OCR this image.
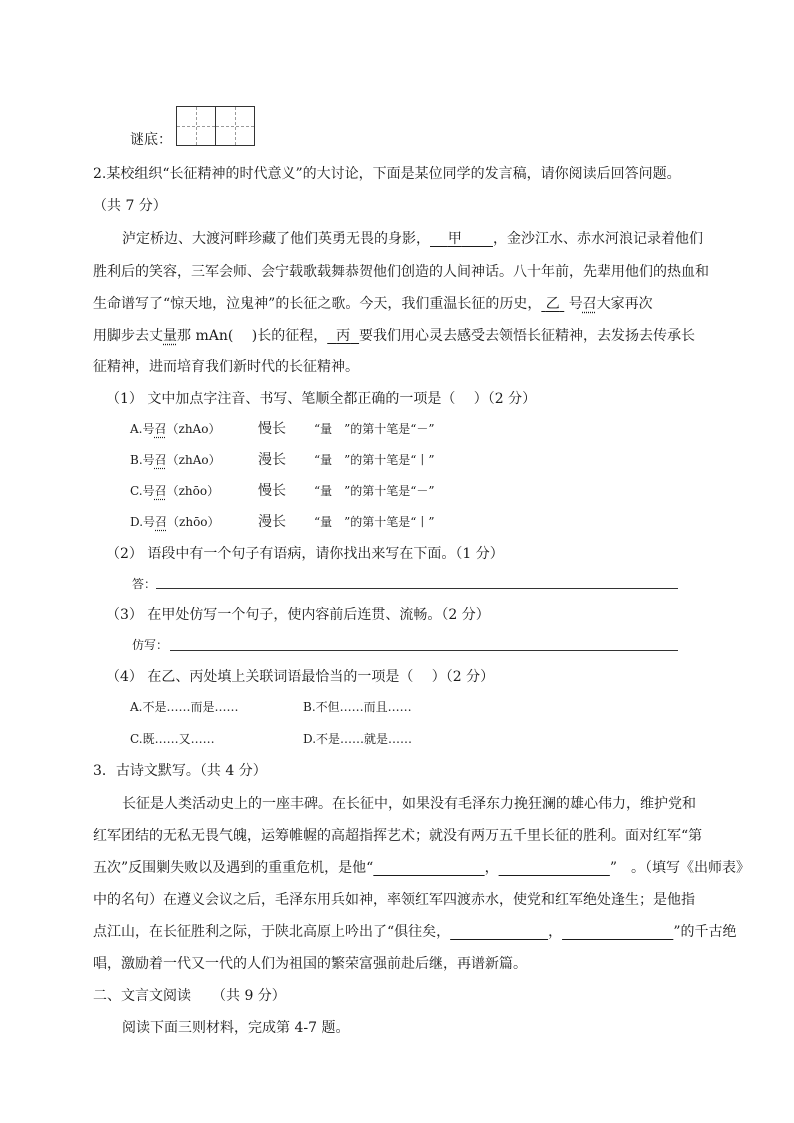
谜底：
2.某校组织“长征精神的时代意义”的大讨论，下面是某位同学的发言稿，请你阅读后回答问题。
（共 7 分）
泸定桥边、大渡河畔珍藏了他们英勇无畏的身影， 甲 ，金沙江水、赤水河浪记录着他们
胜利后的笑容，三军会师、会宁载歌载舞恭贺他们创造的人间神话。八十年前，先辈用他们的热血和
生命谱写了“惊天地，泣鬼神”的长征之歌。今天，我们重温长征的历史， 乙 号召大家再次
用脚步去丈量那 mAn(　 )长的征程， 丙 要我们用心灵去感受去领悟长征精神，去发扬去传承长
征精神，进而培育我们新时代的长征精神。
（1） 文中加点字注音、书写、笔顺全都正确的一项是（　 ）（2 分）
A.号召（zhAo）	慢长 “量　”的第十笔是“－”
B.号召（zhAo）	漫长 “量　”的第十笔是“丨”
C.号召（zhōo）	慢长 “量　”的第十笔是“－”
D.号召（zhōo）	漫长 “量　”的第十笔是“丨”
（2） 语段中有一个句子有语病，请你找出来写在下面。（1 分）
答：
（3） 在甲处仿写一个句子，使内容前后连贯、流畅。（2 分）
仿写：
（4） 在乙、丙处填上关联词语最恰当的一项是（　 ）（2 分）
A.不是……而是……	B.不但……而且……
C.既……又……	D.不是……就是……
3．古诗文默写。（共 4 分）
长征是人类活动史上的一座丰碑。在长征中，如果没有毛泽东力挽狂澜的雄心伟力，维护党和
红军团结的无私无畏气魄，运筹帷幄的高超指挥艺术；就没有两万五千里长征的胜利。面对红军“第
五次”反围剿失败以及遇到的重重危机，是他“	，	”　。（填写《出师表》
中的名句）在遵义会议之后，毛泽东用兵如神，率领红军四渡赤水，使党和红军绝处逢生；是他指
点江山，在长征胜利之际，于陕北高原上吟出了“俱往矣，	，	”的千古绝
唱，激励着一代又一代的人们为祖国的繁荣富强前赴后继，再谱新篇。
二、文言文阅读　　（共 9 分）
阅读下面三则材料，完成第 4-7 题。
